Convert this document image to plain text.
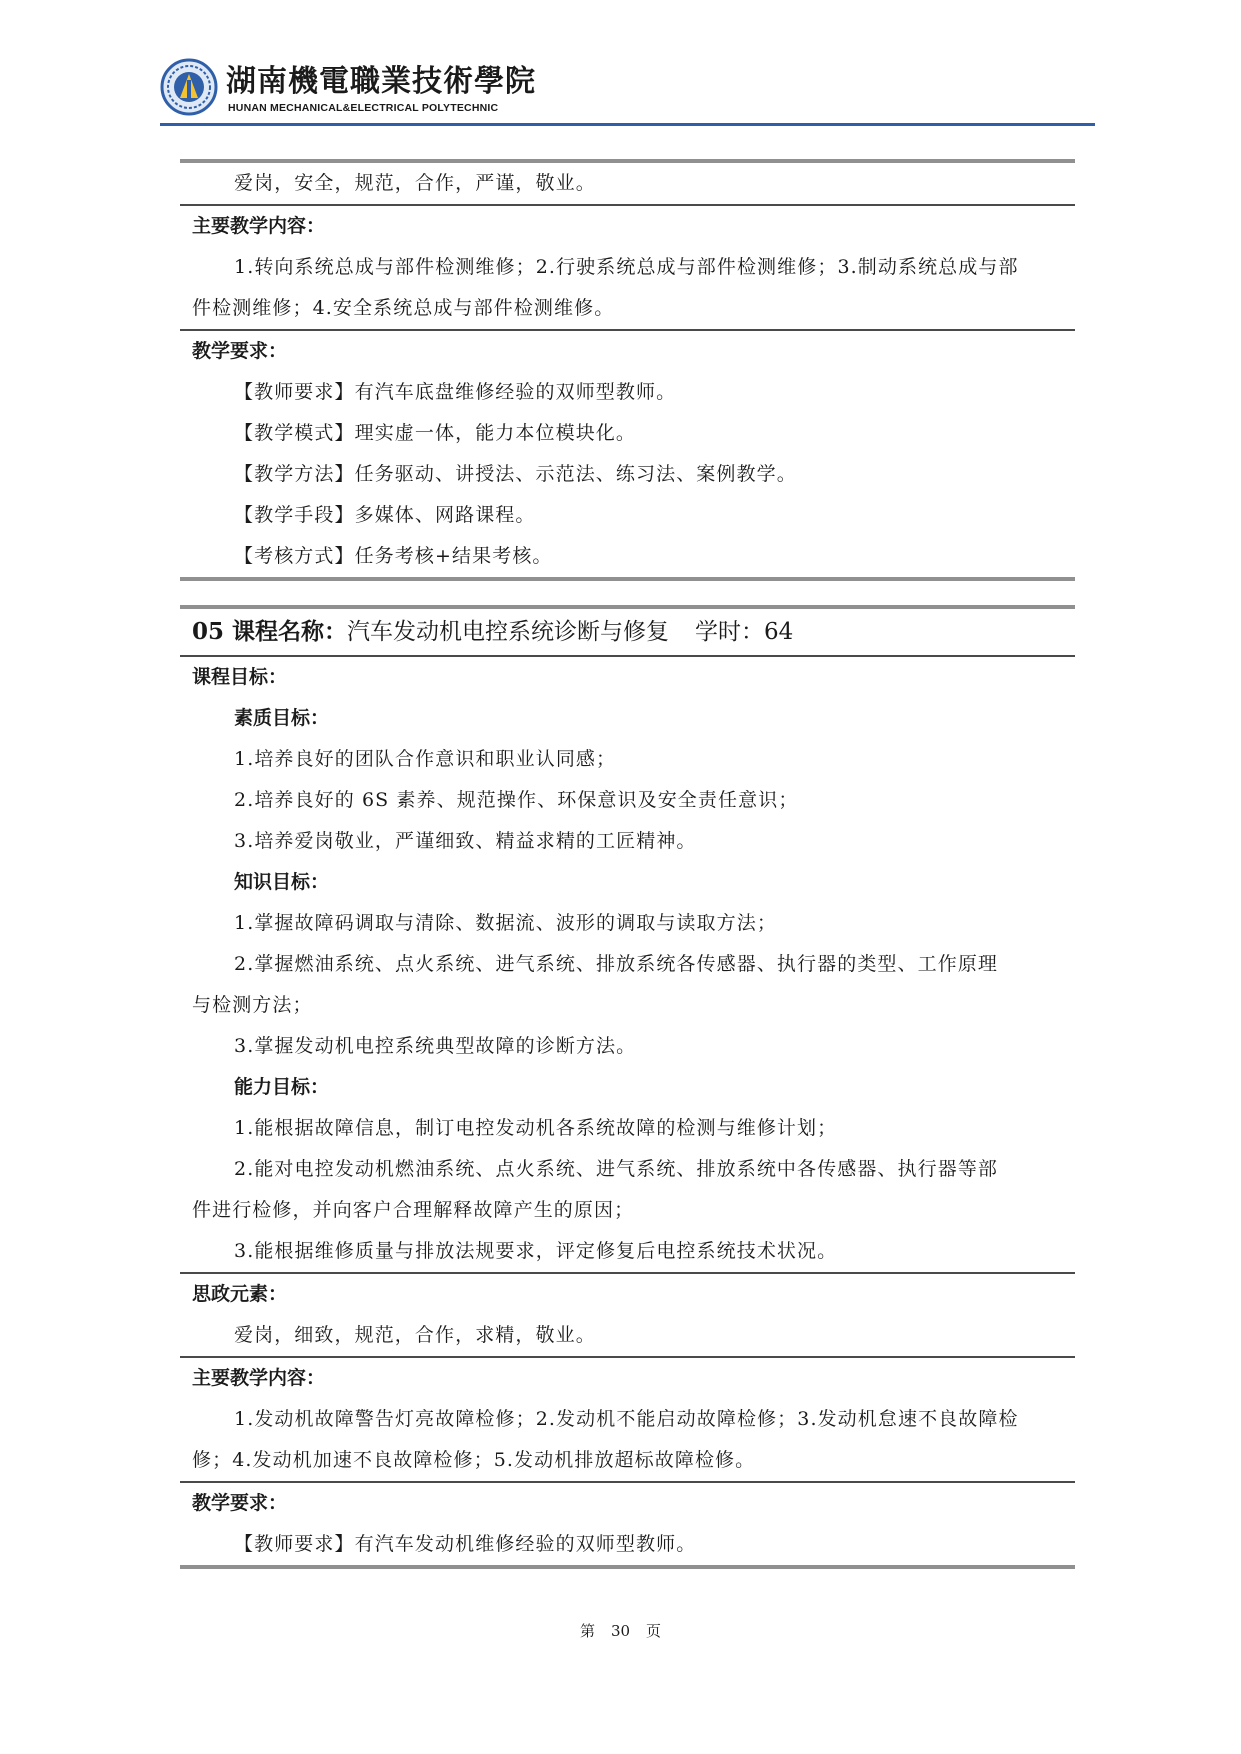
湖南機電職業技術學院
HUNAN MECHANICAL&ELECTRICAL POLYTECHNIC
爱岗，安全，规范，合作，严谨，敬业。
主要教学内容：
1.转向系统总成与部件检测维修；2.行驶系统总成与部件检测维修；3.制动系统总成与部
件检测维修；4.安全系统总成与部件检测维修。
教学要求：
【教师要求】有汽车底盘维修经验的双师型教师。
【教学模式】理实虚一体，能力本位模块化。
【教学方法】任务驱动、讲授法、示范法、练习法、案例教学。
【教学手段】多媒体、网路课程。
【考核方式】任务考核+结果考核。
05 课程名称：汽车发动机电控系统诊断与修复 学时：64
课程目标：
素质目标：
1.培养良好的团队合作意识和职业认同感；
2.培养良好的 6S 素养、规范操作、环保意识及安全责任意识；
3.培养爱岗敬业，严谨细致、精益求精的工匠精神。
知识目标：
1.掌握故障码调取与清除、数据流、波形的调取与读取方法；
2.掌握燃油系统、点火系统、进气系统、排放系统各传感器、执行器的类型、工作原理
与检测方法；
3.掌握发动机电控系统典型故障的诊断方法。
能力目标：
1.能根据故障信息，制订电控发动机各系统故障的检测与维修计划；
2.能对电控发动机燃油系统、点火系统、进气系统、排放系统中各传感器、执行器等部
件进行检修，并向客户合理解释故障产生的原因；
3.能根据维修质量与排放法规要求，评定修复后电控系统技术状况。
思政元素：
爱岗，细致，规范，合作，求精，敬业。
主要教学内容：
1.发动机故障警告灯亮故障检修；2.发动机不能启动故障检修；3.发动机怠速不良故障检
修；4.发动机加速不良故障检修；5.发动机排放超标故障检修。
教学要求：
【教师要求】有汽车发动机维修经验的双师型教师。
第 30 页
